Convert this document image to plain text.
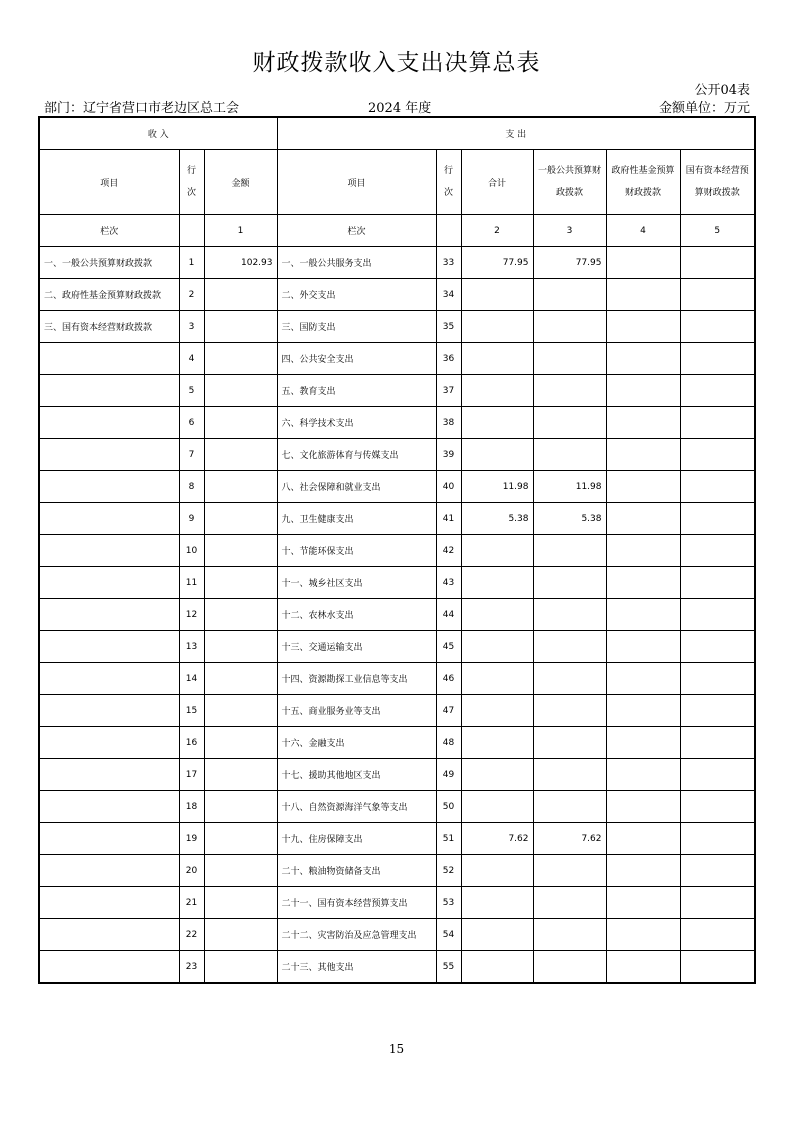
财政拨款收入支出决算总表
公开04表
部门：辽宁省营口市老边区总工会	2024 年度	金额单位：万元
收 入			支 出					
项目	行次	金额	项目	行次	合计	一般公共预算财政拨款	政府性基金预算财政拨款	国有资本经营预算财政拨款
栏次		1	栏次		2	3	4	5
一、一般公共预算财政拨款	1	102.93	一、一般公共服务支出	33	77.95	77.95		
二、政府性基金预算财政拨款	2		二、外交支出	34				
三、国有资本经营财政拨款	3		三、国防支出	35				
	4		四、公共安全支出	36				
	5		五、教育支出	37				
	6		六、科学技术支出	38				
	7		七、文化旅游体育与传媒支出	39				
	8		八、社会保障和就业支出	40	11.98	11.98		
	9		九、卫生健康支出	41	5.38	5.38		
	10		十、节能环保支出	42				
	11		十一、城乡社区支出	43				
	12		十二、农林水支出	44				
	13		十三、交通运输支出	45				
	14		十四、资源勘探工业信息等支出	46				
	15		十五、商业服务业等支出	47				
	16		十六、金融支出	48				
	17		十七、援助其他地区支出	49				
	18		十八、自然资源海洋气象等支出	50				
	19		十九、住房保障支出	51	7.62	7.62		
	20		二十、粮油物资储备支出	52				
	21		二十一、国有资本经营预算支出	53				
	22		二十二、灾害防治及应急管理支出	54				
	23		二十三、其他支出	55				
15
